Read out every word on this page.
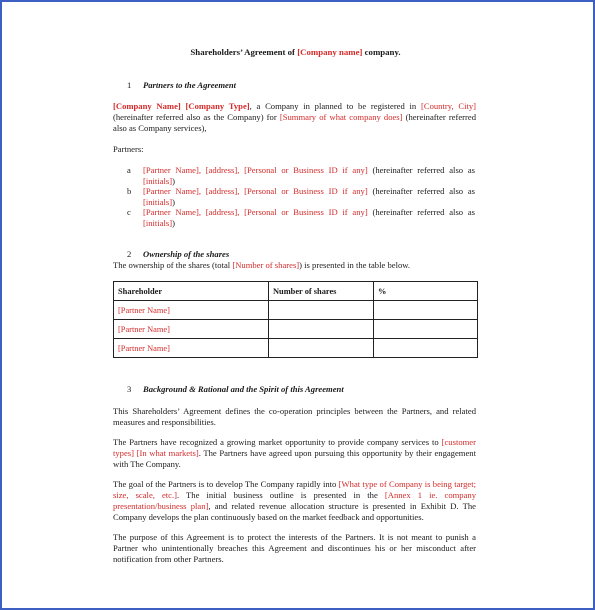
Shareholders’ Agreement of [Company name] company.
1 Partners to the Agreement
[Company Name] [Company Type], a Company in planned to be registered in [Country, City] (hereinafter referred also as the Company) for [Summary of what company does] (hereinafter referred also as Company services),
Partners:
a [Partner Name], [address], [Personal or Business ID if any] (hereinafter referred also as [initials])
b [Partner Name], [address], [Personal or Business ID if any] (hereinafter referred also as [initials])
c [Partner Name], [address], [Personal or Business ID if any] (hereinafter referred also as [initials])
2 Ownership of the shares
The ownership of the shares (total [Number of shares]) is presented in the table below.
Shareholder	Number of shares	%
[Partner Name]		
[Partner Name]		
[Partner Name]		
3 Background & Rational and the Spirit of this Agreement
This Shareholders’ Agreement defines the co-operation principles between the Partners, and related measures and responsibilities.
The Partners have recognized a growing market opportunity to provide company services to [customer types] [In what markets]. The Partners have agreed upon pursuing this opportunity by their engagement with The Company.
The goal of the Partners is to develop The Company rapidly into [What type of Company is being target; size, scale, etc.]. The initial business outline is presented in the [Annex 1 ie. company presentation/business plan], and related revenue allocation structure is presented in Exhibit D. The Company develops the plan continuously based on the market feedback and opportunities.
The purpose of this Agreement is to protect the interests of the Partners. It is not meant to punish a Partner who unintentionally breaches this Agreement and discontinues his or her misconduct after notification from other Partners.
